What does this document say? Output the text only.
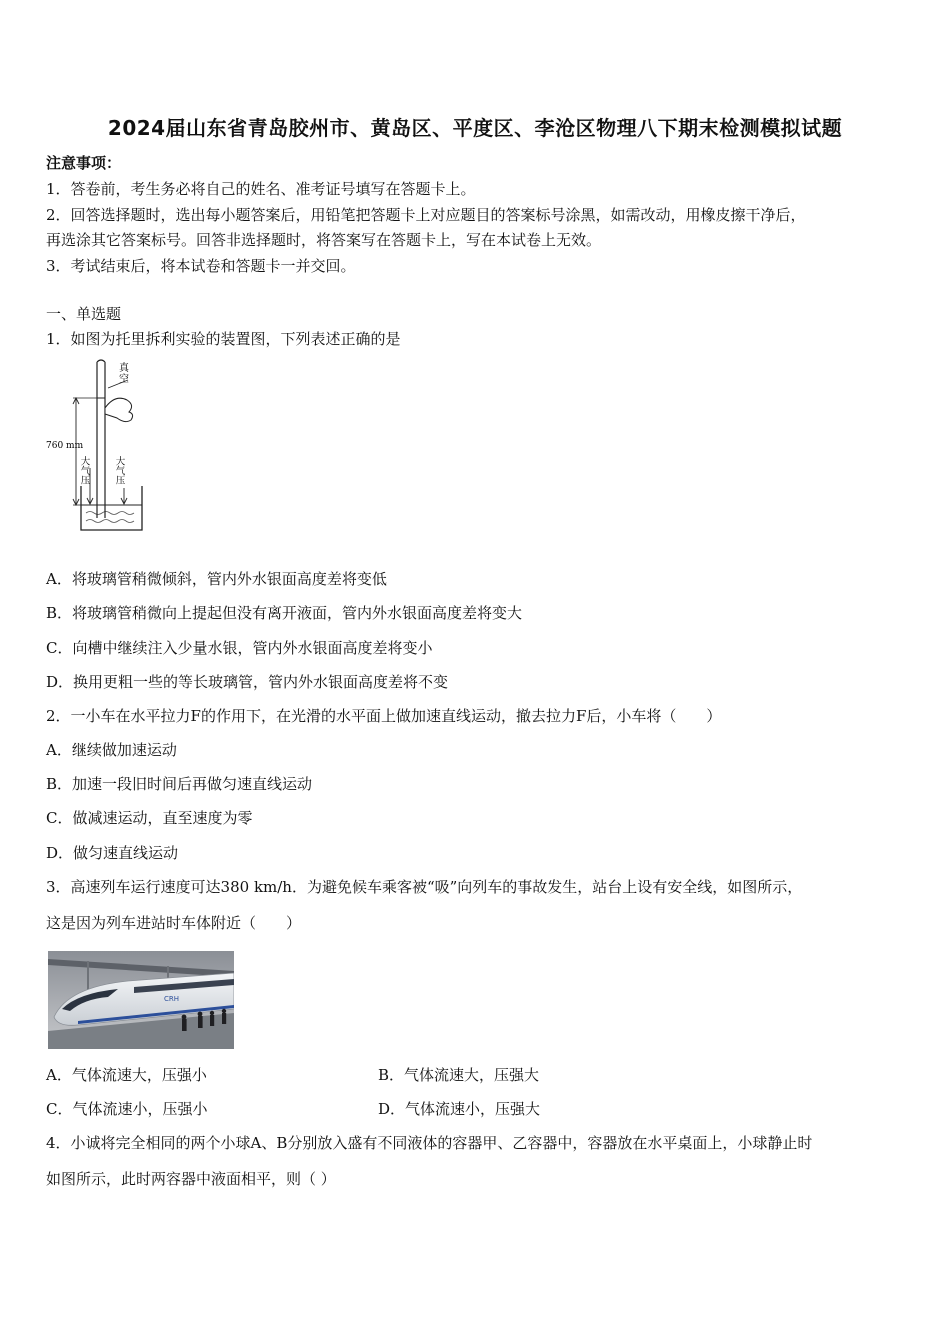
2024届山东省青岛胶州市、黄岛区、平度区、李沧区物理八下期末检测模拟试题
注意事项：
1．答卷前，考生务必将自己的姓名、准考证号填写在答题卡上。
2．回答选择题时，选出每小题答案后，用铅笔把答题卡上对应题目的答案标号涂黑，如需改动，用橡皮擦干净后，
再选涂其它答案标号。回答非选择题时，将答案写在答题卡上，写在本试卷上无效。
3．考试结束后，将本试卷和答题卡一并交回。
一、单选题
1．如图为托里拆利实验的装置图，下列表述正确的是
真空
760 mm
大气压	大气压
A．将玻璃管稍微倾斜，管内外水银面高度差将变低
B．将玻璃管稍微向上提起但没有离开液面，管内外水银面高度差将变大
C．向槽中继续注入少量水银，管内外水银面高度差将变小
D．换用更粗一些的等长玻璃管，管内外水银面高度差将不变
2．一小车在水平拉力F的作用下，在光滑的水平面上做加速直线运动，撤去拉力F后，小车将（　　）
A．继续做加速运动
B．加速一段旧时间后再做匀速直线运动
C．做减速运动，直至速度为零
D．做匀速直线运动
3．高速列车运行速度可达380 km/h．为避免候车乘客被“吸”向列车的事故发生，站台上设有安全线，如图所示，
这是因为列车进站时车体附近（　　）
CRH
A．气体流速大，压强小	B．气体流速大，压强大
C．气体流速小，压强小	D．气体流速小，压强大
4．小诚将完全相同的两个小球A、B分别放入盛有不同液体的容器甲、乙容器中，容器放在水平桌面上，小球静止时
如图所示，此时两容器中液面相平，则（ ）
